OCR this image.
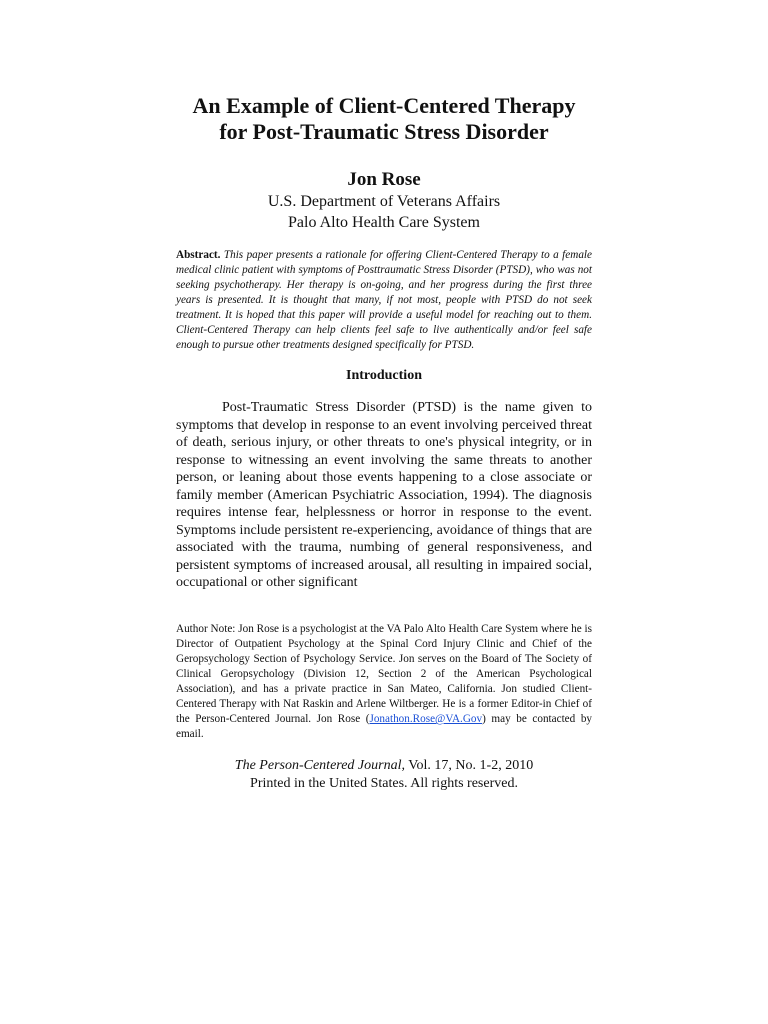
An Example of Client-Centered Therapy
for Post-Traumatic Stress Disorder
Jon Rose
U.S. Department of Veterans Affairs
Palo Alto Health Care System
Abstract. This paper presents a rationale for offering Client-Centered Therapy to a female medical clinic patient with symptoms of Posttraumatic Stress Disorder (PTSD), who was not seeking psychotherapy. Her therapy is on-going, and her progress during the first three years is presented. It is thought that many, if not most, people with PTSD do not seek treatment. It is hoped that this paper will provide a useful model for reaching out to them. Client-Centered Therapy can help clients feel safe to live authentically and/or feel safe enough to pursue other treatments designed specifically for PTSD.
Introduction

Post-Traumatic Stress Disorder (PTSD) is the name given to symptoms that develop in response to an event involving perceived threat of death, serious injury, or other threats to one's physical integrity, or in response to witnessing an event involving the same threats to another person, or leaning about those events happening to a close associate or family member (American Psychiatric Association, 1994). The diagnosis requires intense fear, helplessness or horror in response to the event. Symptoms include persistent re-experiencing, avoidance of things that are associated with the trauma, numbing of general responsiveness, and persistent symptoms of increased arousal, all resulting in impaired social, occupational or other significant

Author Note: Jon Rose is a psychologist at the VA Palo Alto Health Care System where he is Director of Outpatient Psychology at the Spinal Cord Injury Clinic and Chief of the Geropsychology Section of Psychology Service. Jon serves on the Board of The Society of Clinical Geropsychology (Division 12, Section 2 of the American Psychological Association), and has a private practice in San Mateo, California. Jon studied Client-Centered Therapy with Nat Raskin and Arlene Wiltberger. He is a former Editor-in Chief of the Person-Centered Journal. Jon Rose (Jonathon.Rose@VA.Gov) may be contacted by email.
The Person-Centered Journal, Vol. 17, No. 1-2, 2010
Printed in the United States. All rights reserved.
